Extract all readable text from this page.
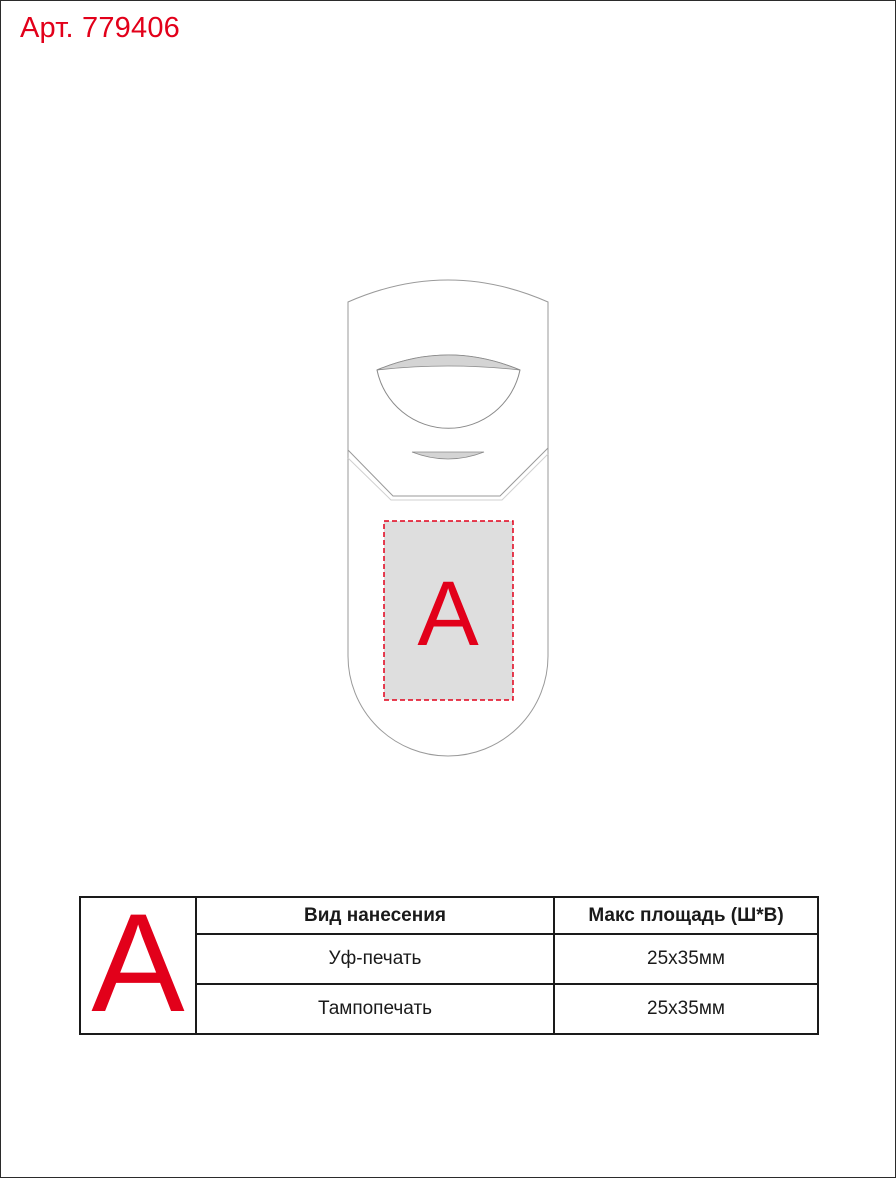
Арт. 779406
A
A	Вид нанесения	Макс площадь (Ш*В)
	Уф-печать	25x35мм
	Тампопечать	25x35мм
